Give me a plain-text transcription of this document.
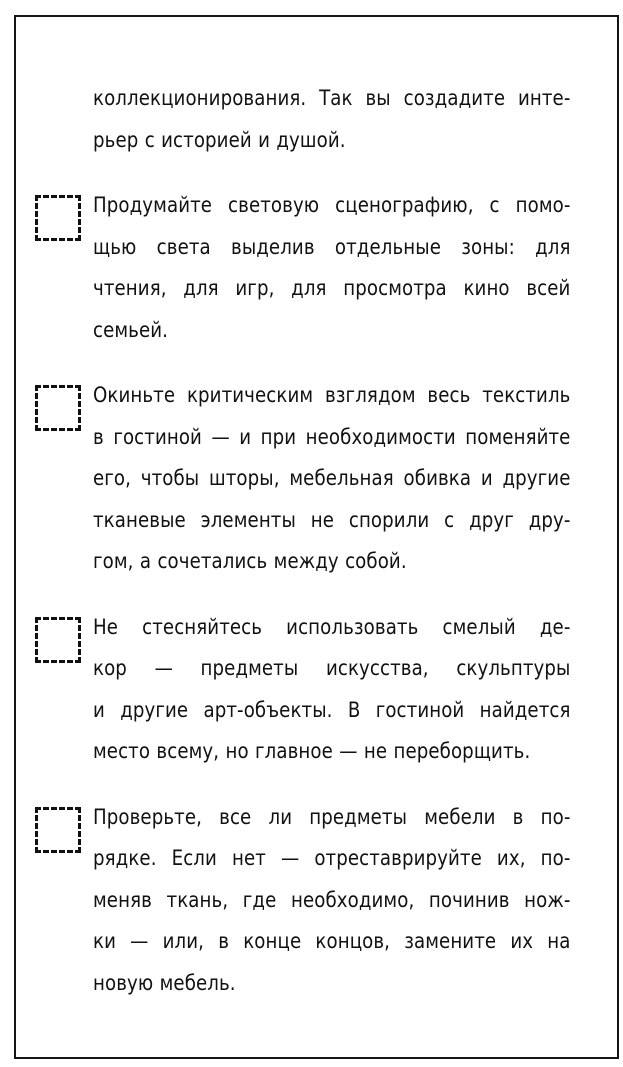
коллекционирования. Так вы создадите инте-
рьер с историей и душой.
Продумайте световую сценографию, с помо-
щью света выделив отдельные зоны: для
чтения, для игр, для просмотра кино всей
семьей.
Окиньте критическим взглядом весь текстиль
в гостиной — и при необходимости поменяйте
его, чтобы шторы, мебельная обивка и другие
тканевые элементы не спорили с друг дру-
гом, а сочетались между собой.
Не стесняйтесь использовать смелый де-
кор — предметы искусства, скульптуры
и другие арт-объекты. В гостиной найдется
место всему, но главное — не переборщить.
Проверьте, все ли предметы мебели в по-
рядке. Если нет — отреставрируйте их, по-
меняв ткань, где необходимо, починив нож-
ки — или, в конце концов, замените их на
новую мебель.
